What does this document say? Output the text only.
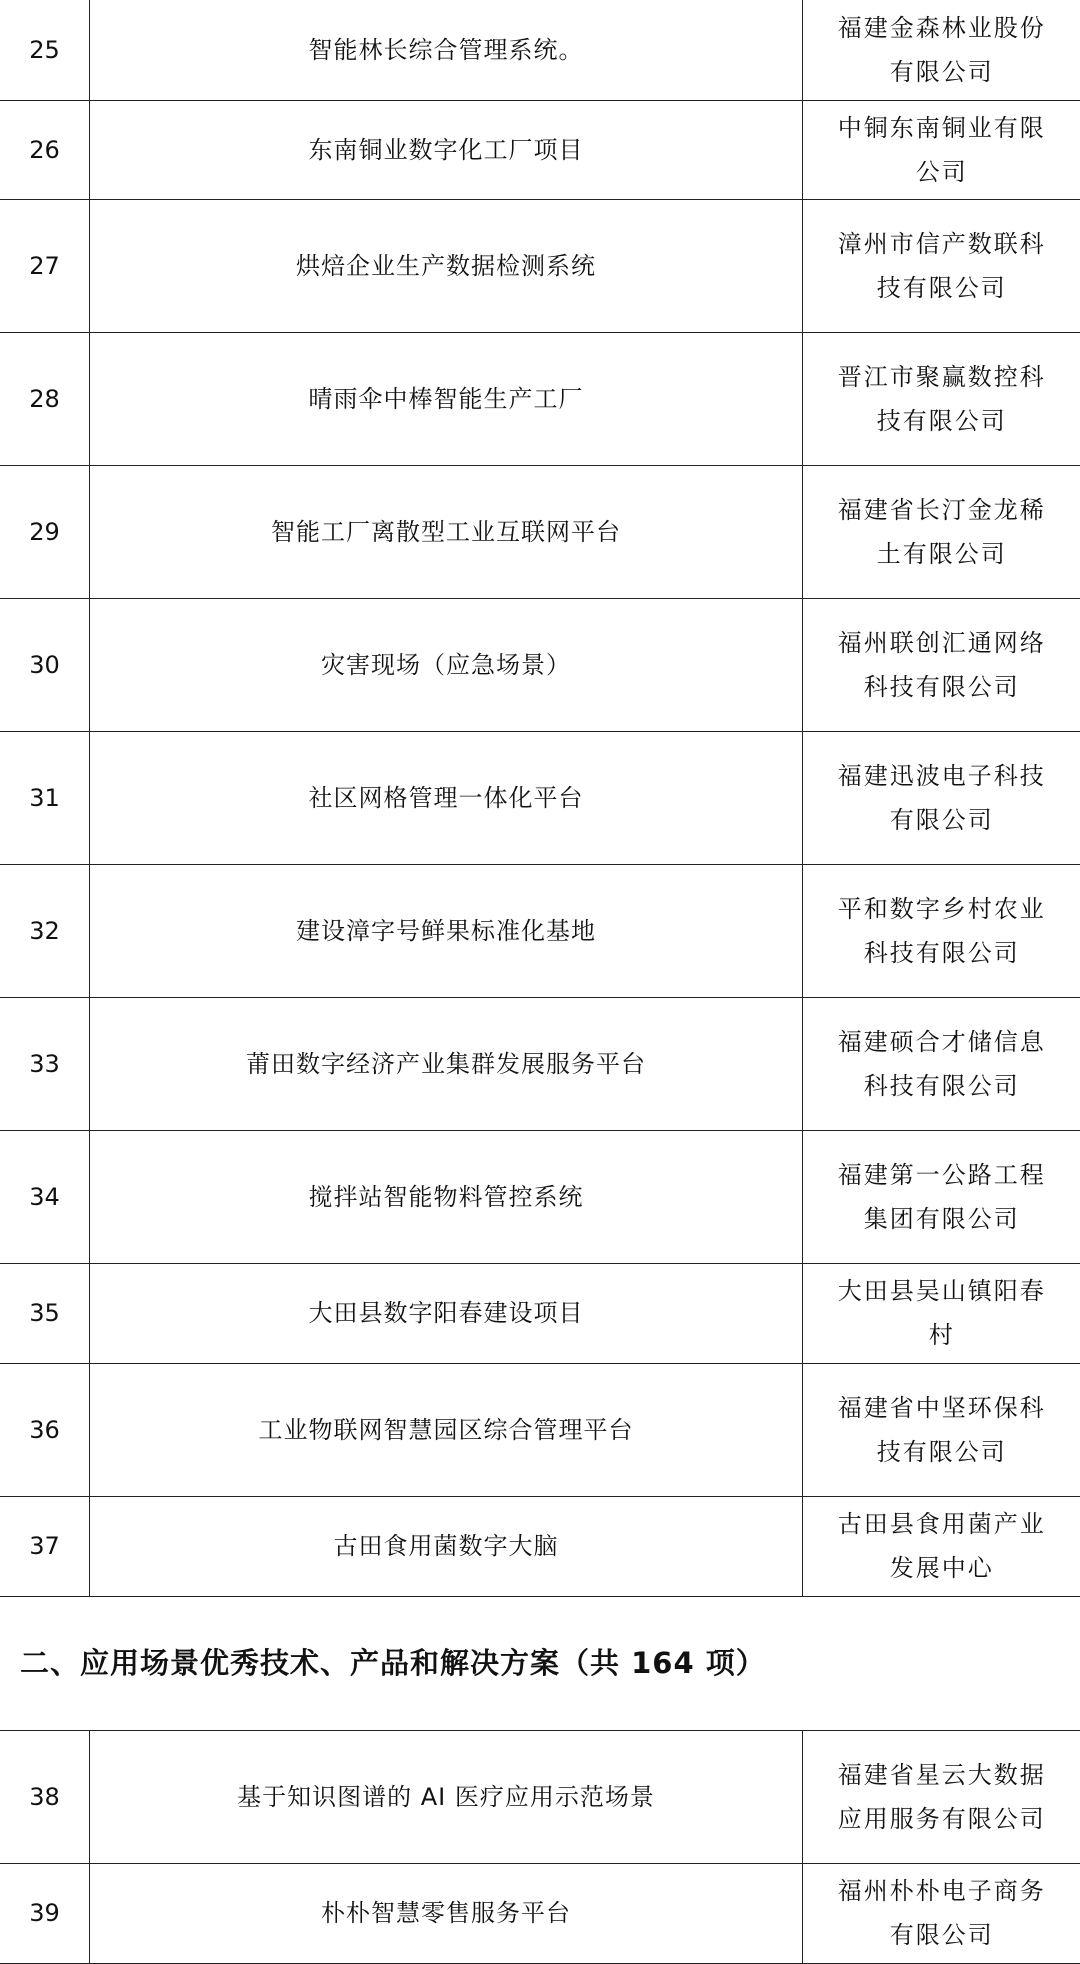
25	智能林长综合管理系统。	福建金森林业股份
有限公司

26	东南铜业数字化工厂项目	中铜东南铜业有限
公司

27	烘焙企业生产数据检测系统	漳州市信产数联科
技有限公司

28	晴雨伞中棒智能生产工厂	晋江市聚赢数控科
技有限公司

29	智能工厂离散型工业互联网平台	福建省长汀金龙稀
土有限公司

30	灾害现场（应急场景）	福州联创汇通网络
科技有限公司

31	社区网格管理一体化平台	福建迅波电子科技
有限公司

32	建设漳字号鲜果标准化基地	平和数字乡村农业
科技有限公司

33	莆田数字经济产业集群发展服务平台	福建硕合才储信息
科技有限公司

34	搅拌站智能物料管控系统	福建第一公路工程
集团有限公司

35	大田县数字阳春建设项目	大田县吴山镇阳春
村

36	工业物联网智慧园区综合管理平台	福建省中坚环保科
技有限公司

37	古田食用菌数字大脑	古田县食用菌产业
发展中心

二、应用场景优秀技术、产品和解决方案（共 164 项）		
38	基于知识图谱的 AI 医疗应用示范场景	福建省星云大数据
应用服务有限公司

39	朴朴智慧零售服务平台	福州朴朴电子商务
有限公司
